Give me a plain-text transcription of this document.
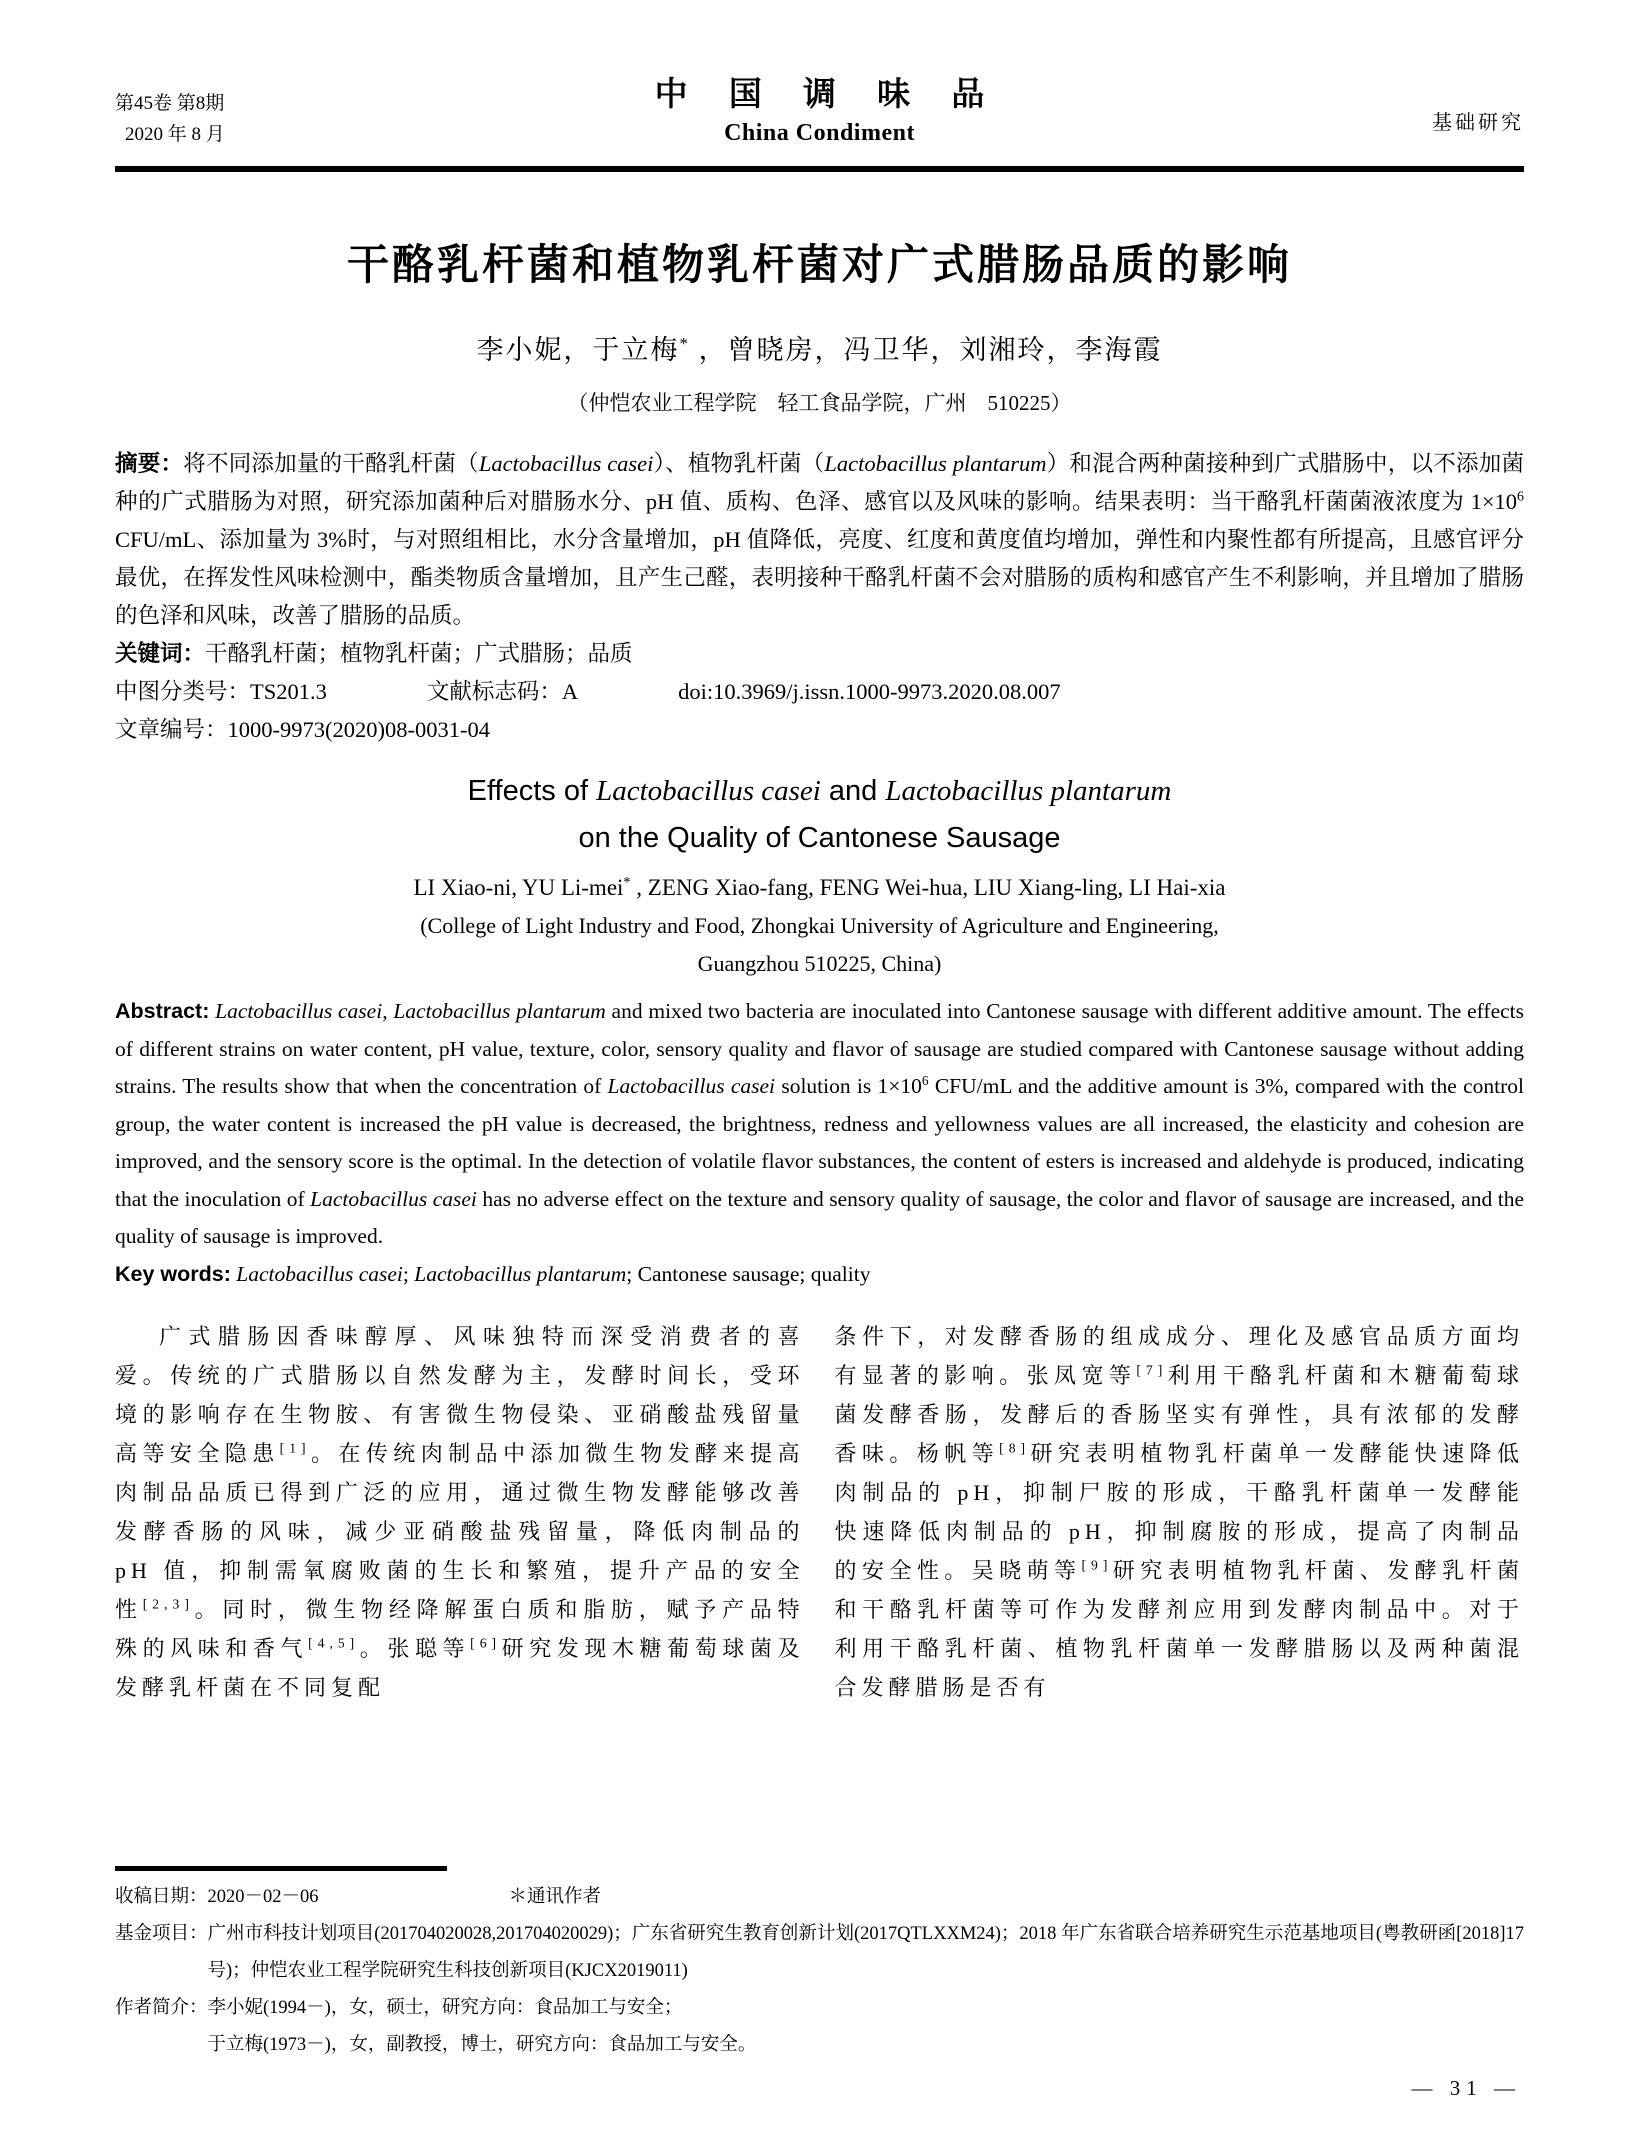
第45卷 第8期
2020 年 8 月
中 国 调 味 品
China Condiment	基础研究
干酪乳杆菌和植物乳杆菌对广式腊肠品质的影响
李小妮，于立梅* ，曾晓房，冯卫华，刘湘玲，李海霞
（仲恺农业工程学院　轻工食品学院，广州　510225）

摘要：将不同添加量的干酪乳杆菌（Lactobacillus casei）、植物乳杆菌（Lactobacillus plantarum）和混合两种菌接种到广式腊肠中，以不添加菌种的广式腊肠为对照，研究添加菌种后对腊肠水分、pH 值、质构、色泽、感官以及风味的影响。结果表明：当干酪乳杆菌菌液浓度为 $1\times 10^6$ CFU/mL、添加量为 3%时，与对照组相比，水分含量增加，pH 值降低，亮度、红度和黄度值均增加，弹性和内聚性都有所提高，且感官评分最优，在挥发性风味检测中，酯类物质含量增加，且产生己醛，表明接种干酪乳杆菌不会对腊肠的质构和感官产生不利影响，并且增加了腊肠的色泽和风味，改善了腊肠的品质。

关键词：干酪乳杆菌；植物乳杆菌；广式腊肠；品质

中图分类号：TS201.3	文献标志码：A	doi:10.3969/j.issn.1000-9973.2020.08.007

文章编号：1000-9973(2020)08-0031-04

Effects of Lactobacillus casei and Lactobacillus plantarum
on the Quality of Cantonese Sausage
LI Xiao-ni, YU Li-mei* , ZENG Xiao-fang, FENG Wei-hua, LIU Xiang-ling, LI Hai-xia
(College of Light Industry and Food, Zhongkai University of Agriculture and Engineering,
Guangzhou 510225, China)

Abstract: Lactobacillus casei, Lactobacillus plantarum and mixed two bacteria are inoculated into Cantonese sausage with different additive amount. The effects of different strains on water content, pH value, texture, color, sensory quality and flavor of sausage are studied compared with Cantonese sausage without adding strains. The results show that when the concentration of Lactobacillus casei solution is $1\times 10^6$ CFU/mL and the additive amount is 3%, compared with the control group, the water content is increased the pH value is decreased, the brightness, redness and yellowness values are all increased, the elasticity and cohesion are improved, and the sensory score is the optimal. In the detection of volatile flavor substances, the content of esters is increased and aldehyde is produced, indicating that the inoculation of Lactobacillus casei has no adverse effect on the texture and sensory quality of sausage, the color and flavor of sausage are increased, and the quality of sausage is improved.

Key words: Lactobacillus casei; Lactobacillus plantarum; Cantonese sausage; quality

广式腊肠因香味醇厚、风味独特而深受消费者的喜爱。传统的广式腊肠以自然发酵为主，发酵时间长，受环境的影响存在生物胺、有害微生物侵染、亚硝酸盐残留量高等安全隐患[1]。在传统肉制品中添加微生物发酵来提高肉制品品质已得到广泛的应用，通过微生物发酵能够改善发酵香肠的风味，减少亚硝酸盐残留量，降低肉制品的 pH 值，抑制需氧腐败菌的生长和繁殖，提升产品的安全性[2,3]。同时，微生物经降解蛋白质和脂肪，赋予产品特殊的风味和香气[4,5]。张聪等[6]研究发现木糖葡萄球菌及发酵乳杆菌在不同复配

条件下，对发酵香肠的组成成分、理化及感官品质方面均有显著的影响。张凤宽等[7]利用干酪乳杆菌和木糖葡萄球菌发酵香肠，发酵后的香肠坚实有弹性，具有浓郁的发酵香味。杨帆等[8]研究表明植物乳杆菌单一发酵能快速降低肉制品的 pH，抑制尸胺的形成，干酪乳杆菌单一发酵能快速降低肉制品的 pH，抑制腐胺的形成，提高了肉制品的安全性。吴晓萌等[9]研究表明植物乳杆菌、发酵乳杆菌和干酪乳杆菌等可作为发酵剂应用到发酵肉制品中。对于利用干酪乳杆菌、植物乳杆菌单一发酵腊肠以及两种菌混合发酵腊肠是否有

收稿日期：2020－02－06	＊通讯作者
基金项目：广州市科技计划项目(201704020028,201704020029)；广东省研究生教育创新计划(2017QTLXXM24)；2018 年广东省联合培养研究生示范基地项目(粤教研函[2018]17 号)；仲恺农业工程学院研究生科技创新项目(KJCX2019011)
作者简介：李小妮(1994－)，女，硕士，研究方向：食品加工与安全；
于立梅(1973－)，女，副教授，博士，研究方向：食品加工与安全。
— 31 —
